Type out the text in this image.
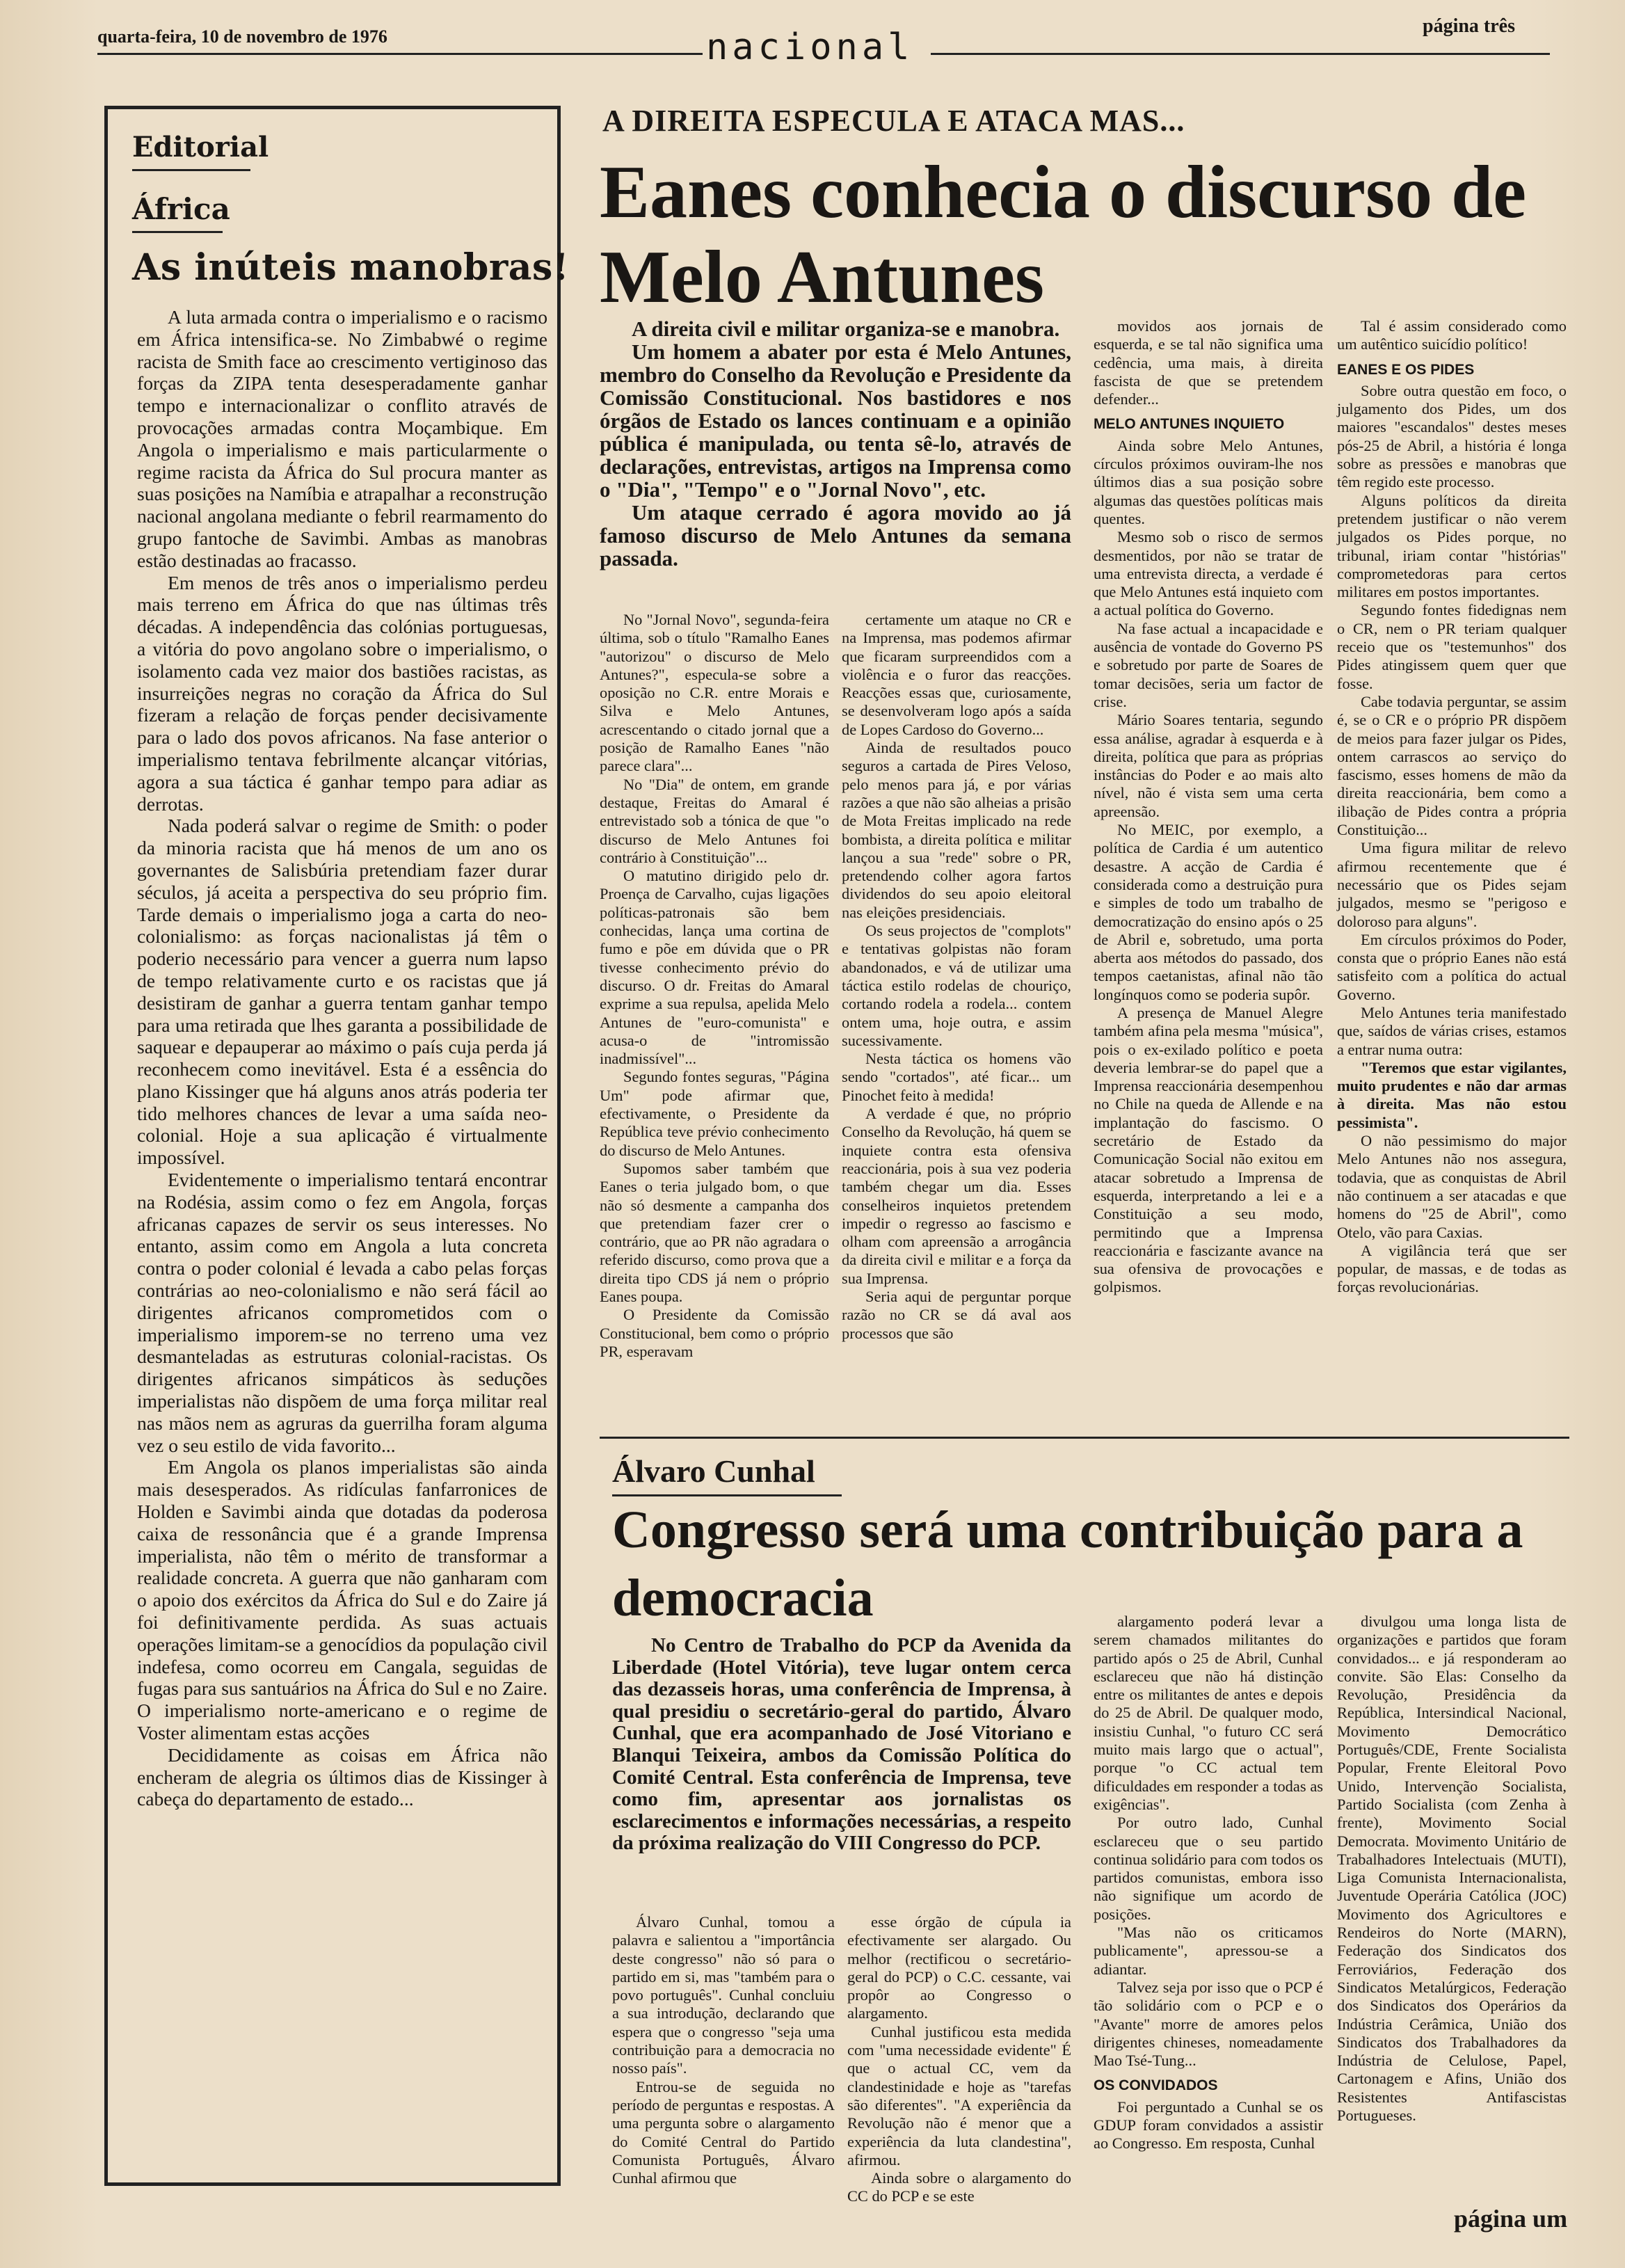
quarta-feira, 10 de novembro de 1976	nacional
página três
Editorial
África
As inúteis manobras!

A luta armada contra o imperialismo e o racismo em África intensifica-se. No Zimbabwé o regime racista de Smith face ao crescimento vertiginoso das forças da ZIPA tenta desesperadamente ganhar tempo e internacionalizar o conflito através de provocações armadas contra Moçambique. Em Angola o imperialismo e mais particularmente o regime racista da África do Sul procura manter as suas posições na Namíbia e atrapalhar a reconstrução nacional angolana mediante o febril rearmamento do grupo fantoche de Savimbi. Ambas as manobras estão destinadas ao fracasso.

Em menos de três anos o imperialismo perdeu mais terreno em África do que nas últimas três décadas. A independência das colónias portuguesas, a vitória do povo angolano sobre o imperialismo, o isolamento cada vez maior dos bastiões racistas, as insurreições negras no coração da África do Sul fizeram a relação de forças pender decisivamente para o lado dos povos africanos. Na fase anterior o imperialismo tentava febrilmente alcançar vitórias, agora a sua táctica é ganhar tempo para adiar as derrotas.

Nada poderá salvar o regime de Smith: o poder da minoria racista que há menos de um ano os governantes de Salisbúria pretendiam fazer durar séculos, já aceita a perspectiva do seu próprio fim. Tarde demais o imperialismo joga a carta do neo-colonialismo: as forças nacionalistas já têm o poderio necessário para vencer a guerra num lapso de tempo relativamente curto e os racistas que já desistiram de ganhar a guerra tentam ganhar tempo para uma retirada que lhes garanta a possibilidade de saquear e depauperar ao máximo o país cuja perda já reconhecem como inevitável. Esta é a essência do plano Kissinger que há alguns anos atrás poderia ter tido melhores chances de levar a uma saída neo-colonial. Hoje a sua aplicação é virtualmente impossível.

Evidentemente o imperialismo tentará encontrar na Rodésia, assim como o fez em Angola, forças africanas capazes de servir os seus interesses. No entanto, assim como em Angola a luta concreta contra o poder colonial é levada a cabo pelas forças contrárias ao neo-colonialismo e não será fácil ao dirigentes africanos comprometidos com o imperialismo imporem-se no terreno uma vez desmanteladas as estruturas colonial-racistas. Os dirigentes africanos simpáticos às seduções imperialistas não dispõem de uma força militar real nas mãos nem as agruras da guerrilha foram alguma vez o seu estilo de vida favorito...

Em Angola os planos imperialistas são ainda mais desesperados. As ridículas fanfarronices de Holden e Savimbi ainda que dotadas da poderosa caixa de ressonância que é a grande Imprensa imperialista, não têm o mérito de transformar a realidade concreta. A guerra que não ganharam com o apoio dos exércitos da África do Sul e do Zaire já foi definitivamente perdida. As suas actuais operações limitam-se a genocídios da população civil indefesa, como ocorreu em Cangala, seguidas de fugas para sus santuários na África do Sul e no Zaire. O imperialismo norte-americano e o regime de Voster alimentam estas acções

Decididamente as coisas em África não encheram de alegria os últimos dias de Kissinger à cabeça do departamento de estado...

A DIREITA ESPECULA E ATACA MAS...
Eanes conhecia o discurso de Melo Antunes

A direita civil e militar organiza-se e manobra.

Um homem a abater por esta é Melo Antunes, membro do Conselho da Revolução e Presidente da Comissão Constitucional. Nos bastidores e nos órgãos de Estado os lances continuam e a opinião pública é manipulada, ou tenta sê-lo, através de declarações, entrevistas, artigos na Imprensa como o "Dia", "Tempo" e o "Jornal Novo", etc.

Um ataque cerrado é agora movido ao já famoso discurso de Melo Antunes da semana passada.

No "Jornal Novo", segunda-feira última, sob o título "Ramalho Eanes "autorizou" o discurso de Melo Antunes?", especula-se sobre a oposição no C.R. entre Morais e Silva e Melo Antunes, acrescentando o citado jornal que a posição de Ramalho Eanes "não parece clara"...

No "Dia" de ontem, em grande destaque, Freitas do Amaral é entrevistado sob a tónica de que "o discurso de Melo Antunes foi contrário à Constituição"...

O matutino dirigido pelo dr. Proença de Carvalho, cujas ligações políticas-patronais são bem conhecidas, lança uma cortina de fumo e põe em dúvida que o PR tivesse conhecimento prévio do discurso. O dr. Freitas do Amaral exprime a sua repulsa, apelida Melo Antunes de "euro-comunista" e acusa-o de "intromissão inadmissível"...

Segundo fontes seguras, "Página Um" pode afirmar que, efectivamente, o Presidente da República teve prévio conhecimento do discurso de Melo Antunes.

Supomos saber também que Eanes o teria julgado bom, o que não só desmente a campanha dos que pretendiam fazer crer o contrário, que ao PR não agradara o referido discurso, como prova que a direita tipo CDS já nem o próprio Eanes poupa.

O Presidente da Comissão Constitucional, bem como o próprio PR, esperavam

certamente um ataque no CR e na Imprensa, mas podemos afirmar que ficaram surpreendidos com a violência e o furor das reacções. Reacções essas que, curiosamente, se desenvolveram logo após a saída de Lopes Cardoso do Governo...

Ainda de resultados pouco seguros a cartada de Pires Veloso, pelo menos para já, e por várias razões a que não são alheias a prisão de Mota Freitas implicado na rede bombista, a direita política e militar lançou a sua "rede" sobre o PR, pretendendo colher agora fartos dividendos do seu apoio eleitoral nas eleições presidenciais.

Os seus projectos de "complots" e tentativas golpistas não foram abandonados, e vá de utilizar uma táctica estilo rodelas de chouriço, cortando rodela a rodela... contem ontem uma, hoje outra, e assim sucessivamente.

Nesta táctica os homens vão sendo "cortados", até ficar... um Pinochet feito à medida!

A verdade é que, no próprio Conselho da Revolução, há quem se inquiete contra esta ofensiva reaccionária, pois à sua vez poderia também chegar um dia. Esses conselheiros inquietos pretendem impedir o regresso ao fascismo e olham com apreensão a arrogância da direita civil e militar e a força da sua Imprensa.

Seria aqui de perguntar porque razão no CR se dá aval aos processos que são

movidos aos jornais de esquerda, e se tal não significa uma cedência, uma mais, à direita fascista de que se pretendem defender...

MELO ANTUNES INQUIETO

Ainda sobre Melo Antunes, círculos próximos ouviram-lhe nos últimos dias a sua posição sobre algumas das questões políticas mais quentes.

Mesmo sob o risco de sermos desmentidos, por não se tratar de uma entrevista directa, a verdade é que Melo Antunes está inquieto com a actual política do Governo.

Na fase actual a incapacidade e ausência de vontade do Governo PS e sobretudo por parte de Soares de tomar decisões, seria um factor de crise.

Mário Soares tentaria, segundo essa análise, agradar à esquerda e à direita, política que para as próprias instâncias do Poder e ao mais alto nível, não é vista sem uma certa apreensão.

No MEIC, por exemplo, a política de Cardia é um autentico desastre. A acção de Cardia é considerada como a destruição pura e simples de todo um trabalho de democratização do ensino após o 25 de Abril e, sobretudo, uma porta aberta aos métodos do passado, dos tempos caetanistas, afinal não tão longínquos como se poderia supôr.

A presença de Manuel Alegre também afina pela mesma "música", pois o ex-exilado político e poeta deveria lembrar-se do papel que a Imprensa reaccionária desempenhou no Chile na queda de Allende e na implantação do fascismo. O secretário de Estado da Comunicação Social não exitou em atacar sobretudo a Imprensa de esquerda, interpretando a lei e a Constituição a seu modo, permitindo que a Imprensa reaccionária e fascizante avance na sua ofensiva de provocações e golpismos.

Tal é assim considerado como um autêntico suicídio político!

EANES E OS PIDES

Sobre outra questão em foco, o julgamento dos Pides, um dos maiores "escandalos" destes meses pós-25 de Abril, a história é longa sobre as pressões e manobras que têm regido este processo.

Alguns políticos da direita pretendem justificar o não verem julgados os Pides porque, no tribunal, iriam contar "histórias" comprometedoras para certos militares em postos importantes.

Segundo fontes fidedignas nem o CR, nem o PR teriam qualquer receio que os "testemunhos" dos Pides atingissem quem quer que fosse.

Cabe todavia perguntar, se assim é, se o CR e o próprio PR dispõem de meios para fazer julgar os Pides, ontem carrascos ao serviço do fascismo, esses homens de mão da direita reaccionária, bem como a ilibação de Pides contra a própria Constituição...

Uma figura militar de relevo afirmou recentemente que é necessário que os Pides sejam julgados, mesmo se "perigoso e doloroso para alguns".

Em círculos próximos do Poder, consta que o próprio Eanes não está satisfeito com a política do actual Governo.

Melo Antunes teria manifestado que, saídos de várias crises, estamos a entrar numa outra:

"Teremos que estar vigilantes, muito prudentes e não dar armas à direita. Mas não estou pessimista".

O não pessimismo do major Melo Antunes não nos assegura, todavia, que as conquistas de Abril não continuem a ser atacadas e que homens do "25 de Abril", como Otelo, vão para Caxias.

A vigilância terá que ser popular, de massas, e de todas as forças revolucionárias.

Álvaro Cunhal
Congresso será uma contribuição para a democracia

No Centro de Trabalho do PCP da Avenida da Liberdade (Hotel Vitória), teve lugar ontem cerca das dezasseis horas, uma conferência de Imprensa, à qual presidiu o secretário-geral do partido, Álvaro Cunhal, que era acompanhado de José Vitoriano e Blanqui Teixeira, ambos da Comissão Política do Comité Central. Esta conferência de Imprensa, teve como fim, apresentar aos jornalistas os esclarecimentos e informações necessárias, a respeito da próxima realização do VIII Congresso do PCP.

Álvaro Cunhal, tomou a palavra e salientou a "importância deste congresso" não só para o partido em si, mas "também para o povo português". Cunhal concluiu a sua introdução, declarando que espera que o congresso "seja uma contribuição para a democracia no nosso país".

Entrou-se de seguida no período de perguntas e respostas. A uma pergunta sobre o alargamento do Comité Central do Partido Comunista Português, Álvaro Cunhal afirmou que

esse órgão de cúpula ia efectivamente ser alargado. Ou melhor (rectificou o secretário-geral do PCP) o C.C. cessante, vai propôr ao Congresso o alargamento.

Cunhal justificou esta medida com "uma necessidade evidente" É que o actual CC, vem da clandestinidade e hoje as "tarefas são diferentes". "A experiência da Revolução não é menor que a experiência da luta clandestina", afirmou.

Ainda sobre o alargamento do CC do PCP e se este

alargamento poderá levar a serem chamados militantes do partido após o 25 de Abril, Cunhal esclareceu que não há distinção entre os militantes de antes e depois do 25 de Abril. De qualquer modo, insistiu Cunhal, "o futuro CC será muito mais largo que o actual", porque "o CC actual tem dificuldades em responder a todas as exigências".

Por outro lado, Cunhal esclareceu que o seu partido continua solidário para com todos os partidos comunistas, embora isso não signifique um acordo de posições.

"Mas não os criticamos publicamente", apressou-se a adiantar.

Talvez seja por isso que o PCP é tão solidário com o PCP e o "Avante" morre de amores pelos dirigentes chineses, nomeadamente Mao Tsé-Tung...

OS CONVIDADOS

Foi perguntado a Cunhal se os GDUP foram convidados a assistir ao Congresso. Em resposta, Cunhal

divulgou uma longa lista de organizações e partidos que foram convidados... e já responderam ao convite. São Elas: Conselho da Revolução, Presidência da República, Intersindical Nacional, Movimento Democrático Português/CDE, Frente Socialista Popular, Frente Eleitoral Povo Unido, Intervenção Socialista, Partido Socialista (com Zenha à frente), Movimento Social Democrata. Movimento Unitário de Trabalhadores Intelectuais (MUTI), Liga Comunista Internacionalista, Juventude Operária Católica (JOC) Movimento dos Agricultores e Rendeiros do Norte (MARN), Federação dos Sindicatos dos Ferroviários, Federação dos Sindicatos Metalúrgicos, Federação dos Sindicatos dos Operários da Indústria Cerâmica, União dos Sindicatos dos Trabalhadores da Indústria de Celulose, Papel, Cartonagem e Afins, União dos Resistentes Antifascistas Portugueses.

página um
